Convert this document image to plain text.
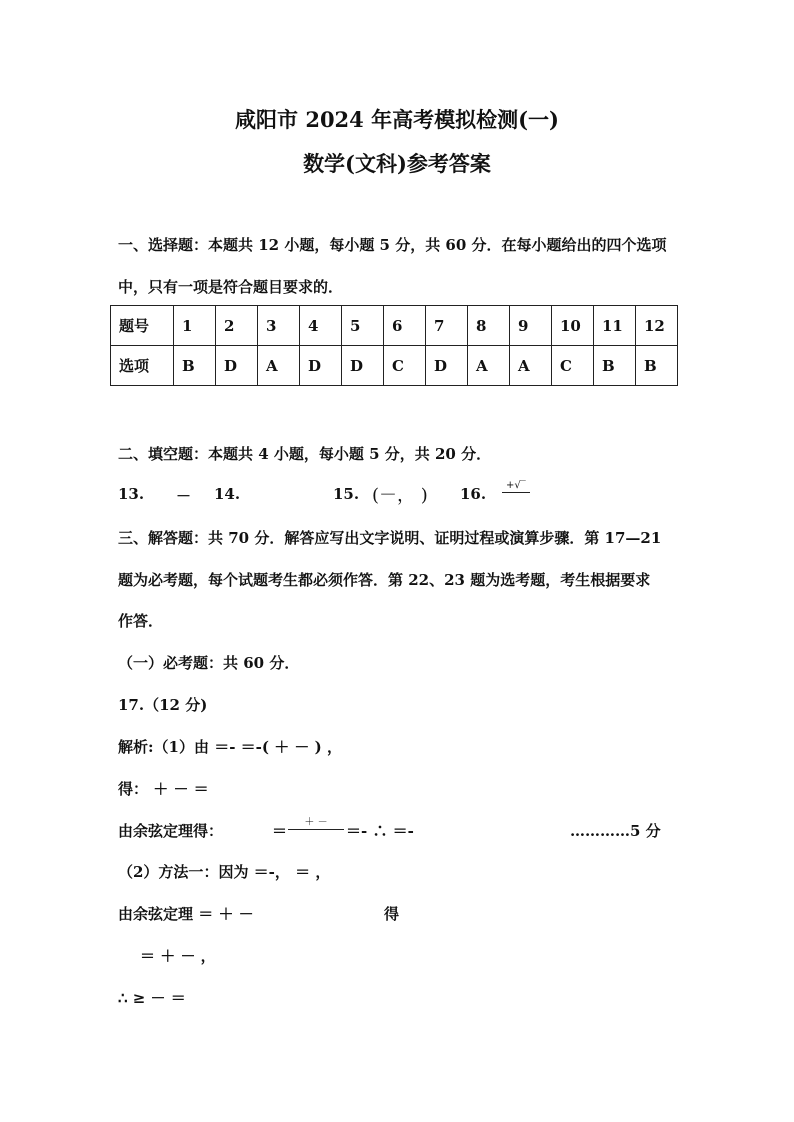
咸阳市 2024 年高考模拟检测(一)
数学(文科)参考答案
一、选择题：本题共 12 小题，每小题 5 分，共 60 分．在每小题给出的四个选项
中，只有一项是符合题目要求的．
题号	1	2	3	4	5	6	7	8	9	10	11	12
选项	B	D	A	D	D	C	D	A	A	C	B	B
二、填空题：本题共 4 小题，每小题 5 分，共 20 分．
13. － 14.	15. (－， ) 16.	+√‾
三、解答题：共 70 分．解答应写出文字说明、证明过程或演算步骤．第 17—21
题为必考题，每个试题考生都必须作答．第 22、23 题为选考题，考生根据要求
作答．
（一）必考题：共 60 分．
17.（12 分)
解析:（1）由 ＝- ＝-( ＋ － ) ，
得： ＋ － ＝
由余弦定理得：	＝	＋ －	＝- ∴ ＝-	…………5 分
（2）方法一：因为 ＝-， ＝ ，
由余弦定理 ＝ ＋ －	得
＝ ＋ － ，
∴ ≥ － ＝
